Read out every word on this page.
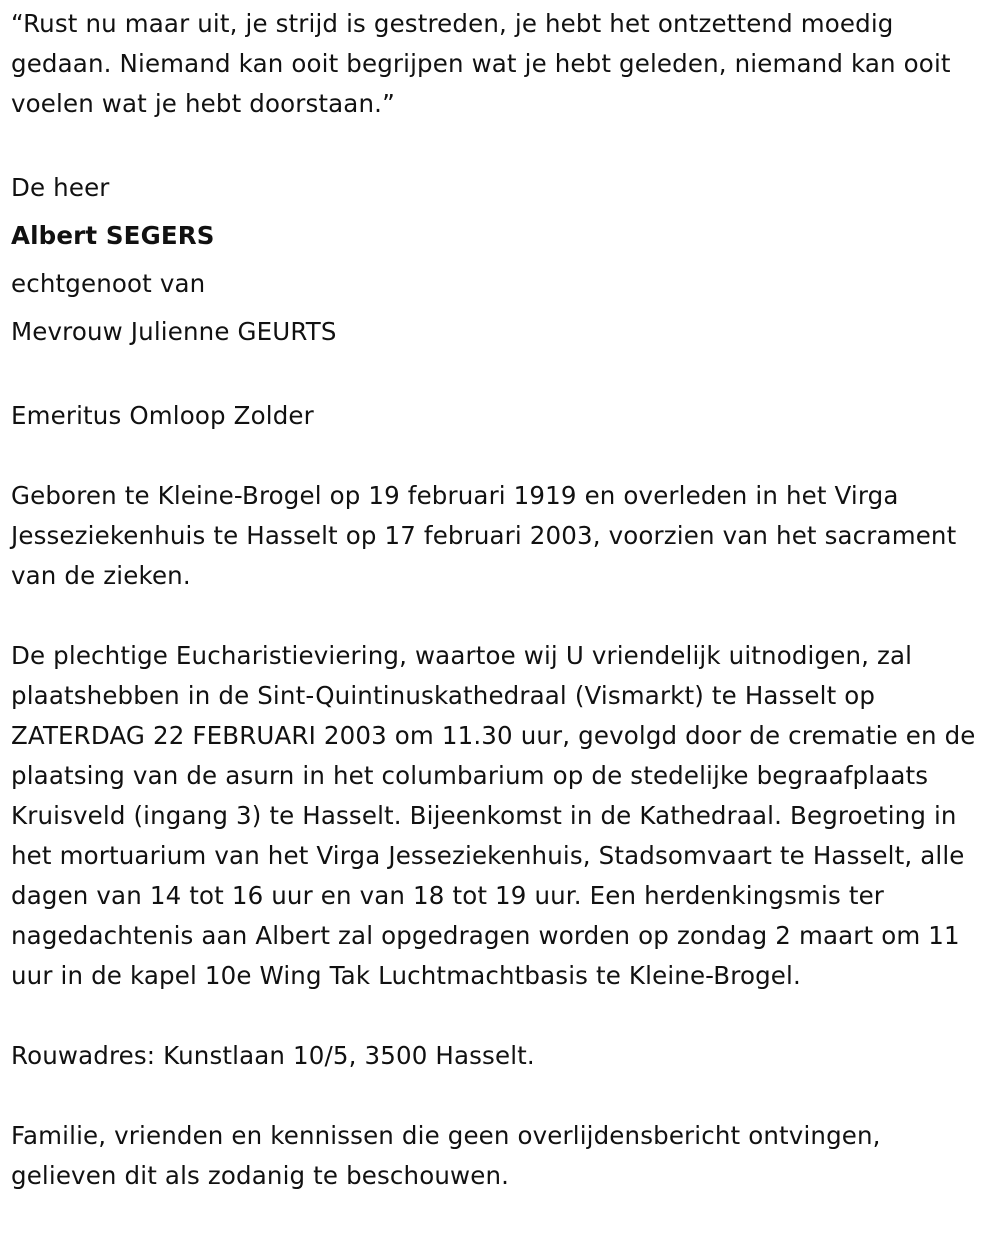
“Rust nu maar uit, je strijd is gestreden, je hebt het ontzettend moedig gedaan. Niemand kan ooit begrijpen wat je hebt geleden, niemand kan ooit voelen wat je hebt doorstaan.”

De heer

Albert SEGERS

echtgenoot van

Mevrouw Julienne GEURTS

Emeritus Omloop Zolder

Geboren te Kleine-Brogel op 19 februari 1919 en overleden in het Virga Jesseziekenhuis te Hasselt op 17 februari 2003, voorzien van het sacrament van de zieken.

De plechtige Eucharistieviering, waartoe wij U vriendelijk uitnodigen, zal plaatshebben in de Sint-Quintinuskathedraal (Vismarkt) te Hasselt op ZATERDAG 22 FEBRUARI 2003 om 11.30 uur, gevolgd door de crematie en de plaatsing van de asurn in het columbarium op de stedelijke begraafplaats Kruisveld (ingang 3) te Hasselt. Bijeenkomst in de Kathedraal. Begroeting in het mortuarium van het Virga Jesseziekenhuis, Stadsomvaart te Hasselt, alle dagen van 14 tot 16 uur en van 18 tot 19 uur. Een herdenkingsmis ter nagedachtenis aan Albert zal opgedragen worden op zondag 2 maart om 11 uur in de kapel 10e Wing Tak Luchtmachtbasis te Kleine-Brogel.

Rouwadres: Kunstlaan 10/5, 3500 Hasselt.

Familie, vrienden en kennissen die geen overlijdensbericht ontvingen, gelieven dit als zodanig te beschouwen.
